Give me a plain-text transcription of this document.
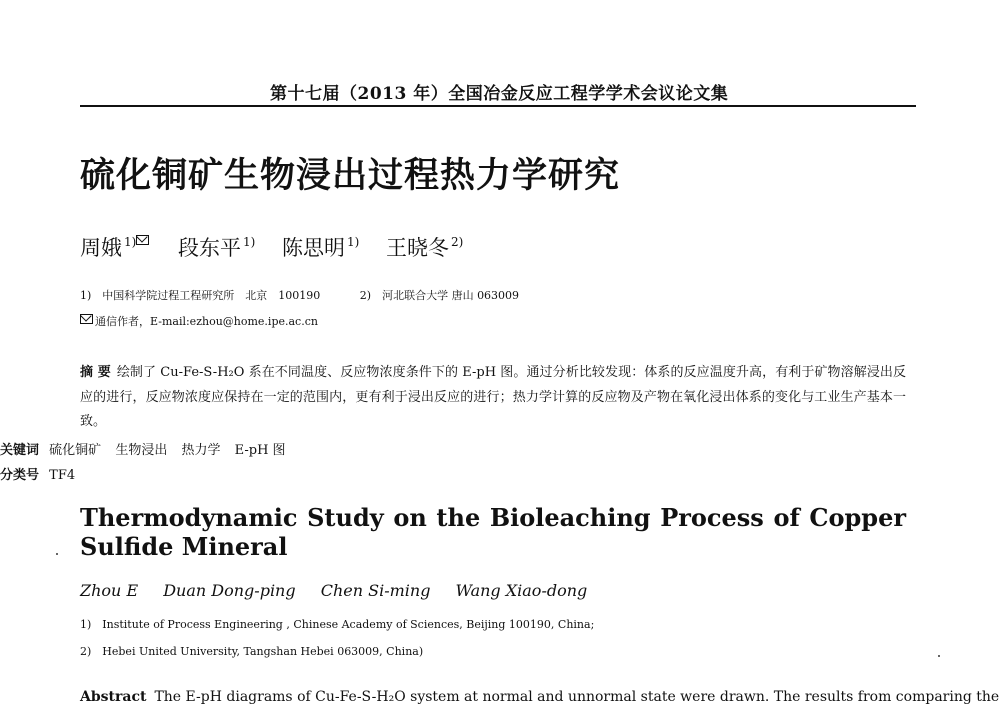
第十七届（2013 年）全国冶金反应工程学学术会议论文集
硫化铜矿生物浸出过程热力学研究
周娥 $^{1)}$ 段东平 $^{1)}$ 陈思明 $^{1)}$ 王晓冬 $^{2)}$
1)　中国科学院过程工程研究所　北京　100190	2)　河北联合大学 唐山 063009
通信作者，E-mail:ezhou@home.ipe.ac.cn
摘 要 绘制了 Cu-Fe-S-H₂O 系在不同温度、反应物浓度条件下的 E-pH 图。通过分析比较发现：体系的反应温度升高，有利于矿物溶解浸出反应的进行，反应物浓度应保持在一定的范围内，更有利于浸出反应的进行；热力学计算的反应物及产物在氧化浸出体系的变化与工业生产基本一致。
关键词 硫化铜矿 生物浸出 热力学 E-pH 图
分类号 TF4
Thermodynamic Study on the Bioleaching Process of Copper Sulfide Mineral
Zhou E Duan Dong-ping Chen Si-ming Wang Xiao-dong
1)　Institute of Process Engineering , Chinese Academy of Sciences, Beijing 100190, China;
2)　Hebei United University, Tangshan Hebei 063009, China)
Abstract The E-pH diagrams of Cu-Fe-S-H₂O system at normal and unnormal state were drawn. The results from comparing the
